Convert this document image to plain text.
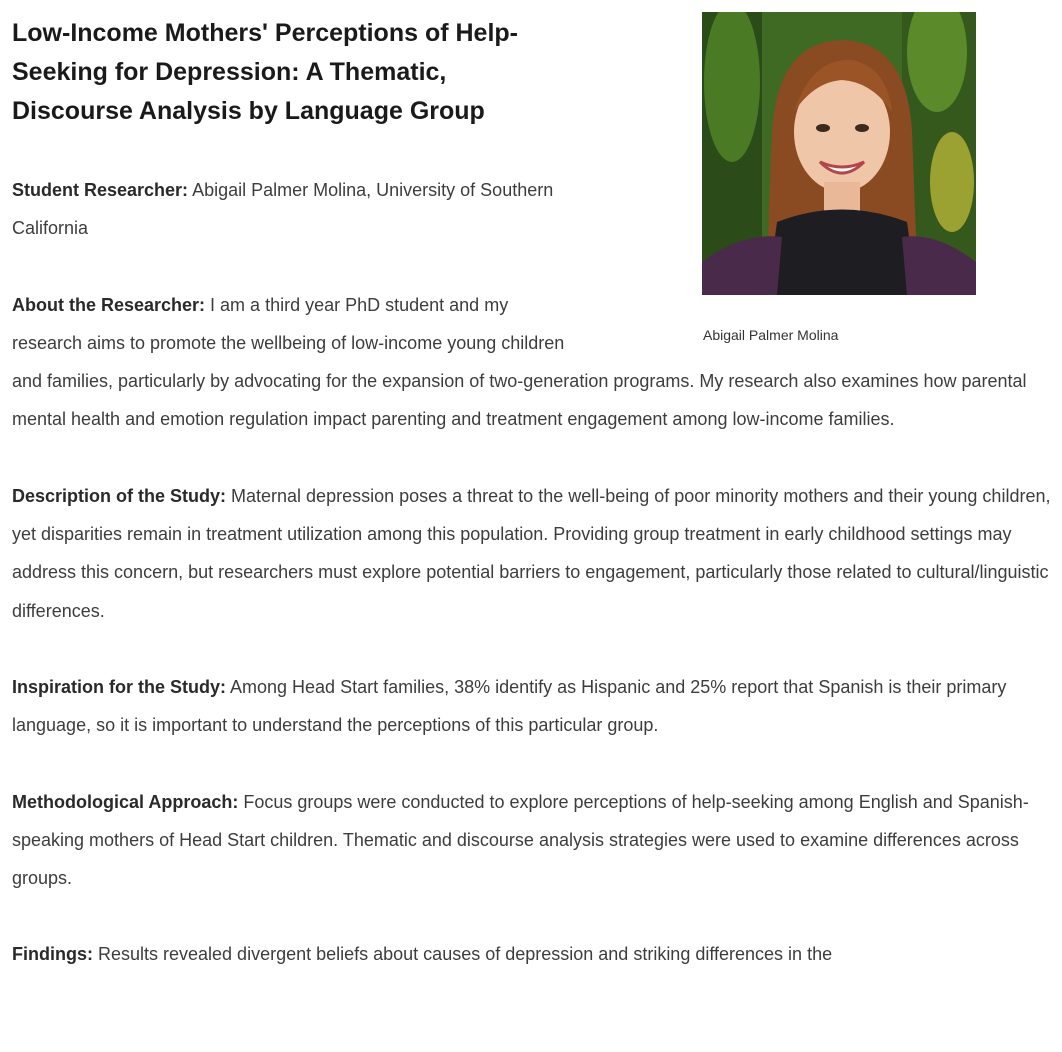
Abigail Palmer Molina
Low-Income Mothers' Perceptions of Help-Seeking for Depression: A Thematic, Discourse Analysis by Language Group

Student Researcher: Abigail Palmer Molina, University of Southern California

About the Researcher: I am a third year PhD student and my research aims to promote the wellbeing of low-income young children and families, particularly by advocating for the expansion of two-generation programs. My research also examines how parental mental health and emotion regulation impact parenting and treatment engagement among low-income families.

Description of the Study: Maternal depression poses a threat to the well-being of poor minority mothers and their young children, yet disparities remain in treatment utilization among this population. Providing group treatment in early childhood settings may address this concern, but researchers must explore potential barriers to engagement, particularly those related to cultural/linguistic differences.

Inspiration for the Study: Among Head Start families, 38% identify as Hispanic and 25% report that Spanish is their primary language, so it is important to understand the perceptions of this particular group.

Methodological Approach: Focus groups were conducted to explore perceptions of help-seeking among English and Spanish-speaking mothers of Head Start children. Thematic and discourse analysis strategies were used to examine differences across groups.

Findings: Results revealed divergent beliefs about causes of depression and striking differences in the
